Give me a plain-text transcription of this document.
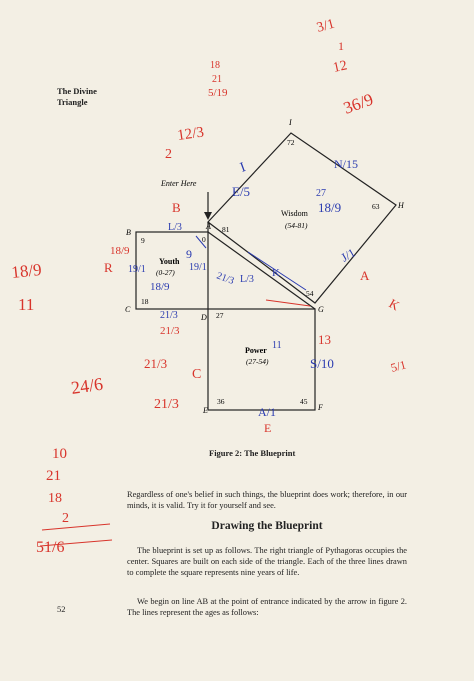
The Divine
Triangle
Enter Here
I
H
B
A
C
D
G
E	F
72
63
9	0
81
18
27
54
36	45
Wisdom
(54-81)
Youth
(0-27)
Power
(27-54)
3/1
1
12
36/9
18
21
5/19
12/3
2
B
18/9
R
18/9
11
A
13
K
5/1
21/3
21/3
C
21/3
24/6
E
10
21
18
2
51/6
I
E/5
N/15
27
18/9
L/3
9
19/1
18/9
19/1
21/3 L/3
K
J/1
11
S/10
A/1
21/3
Figure 2: The Blueprint
Regardless of one's belief in such things, the blueprint does work; therefore, in our minds, it is valid. Try it for yourself and see.
Drawing the Blueprint
The blueprint is set up as follows. The right triangle of Pythagoras occupies the center. Squares are built on each side of the triangle. Each of the three lines drawn to complete the square represents nine years of life.
We begin on line AB at the point of entrance indicated by the arrow in figure 2. The lines represent the ages as follows:
52
